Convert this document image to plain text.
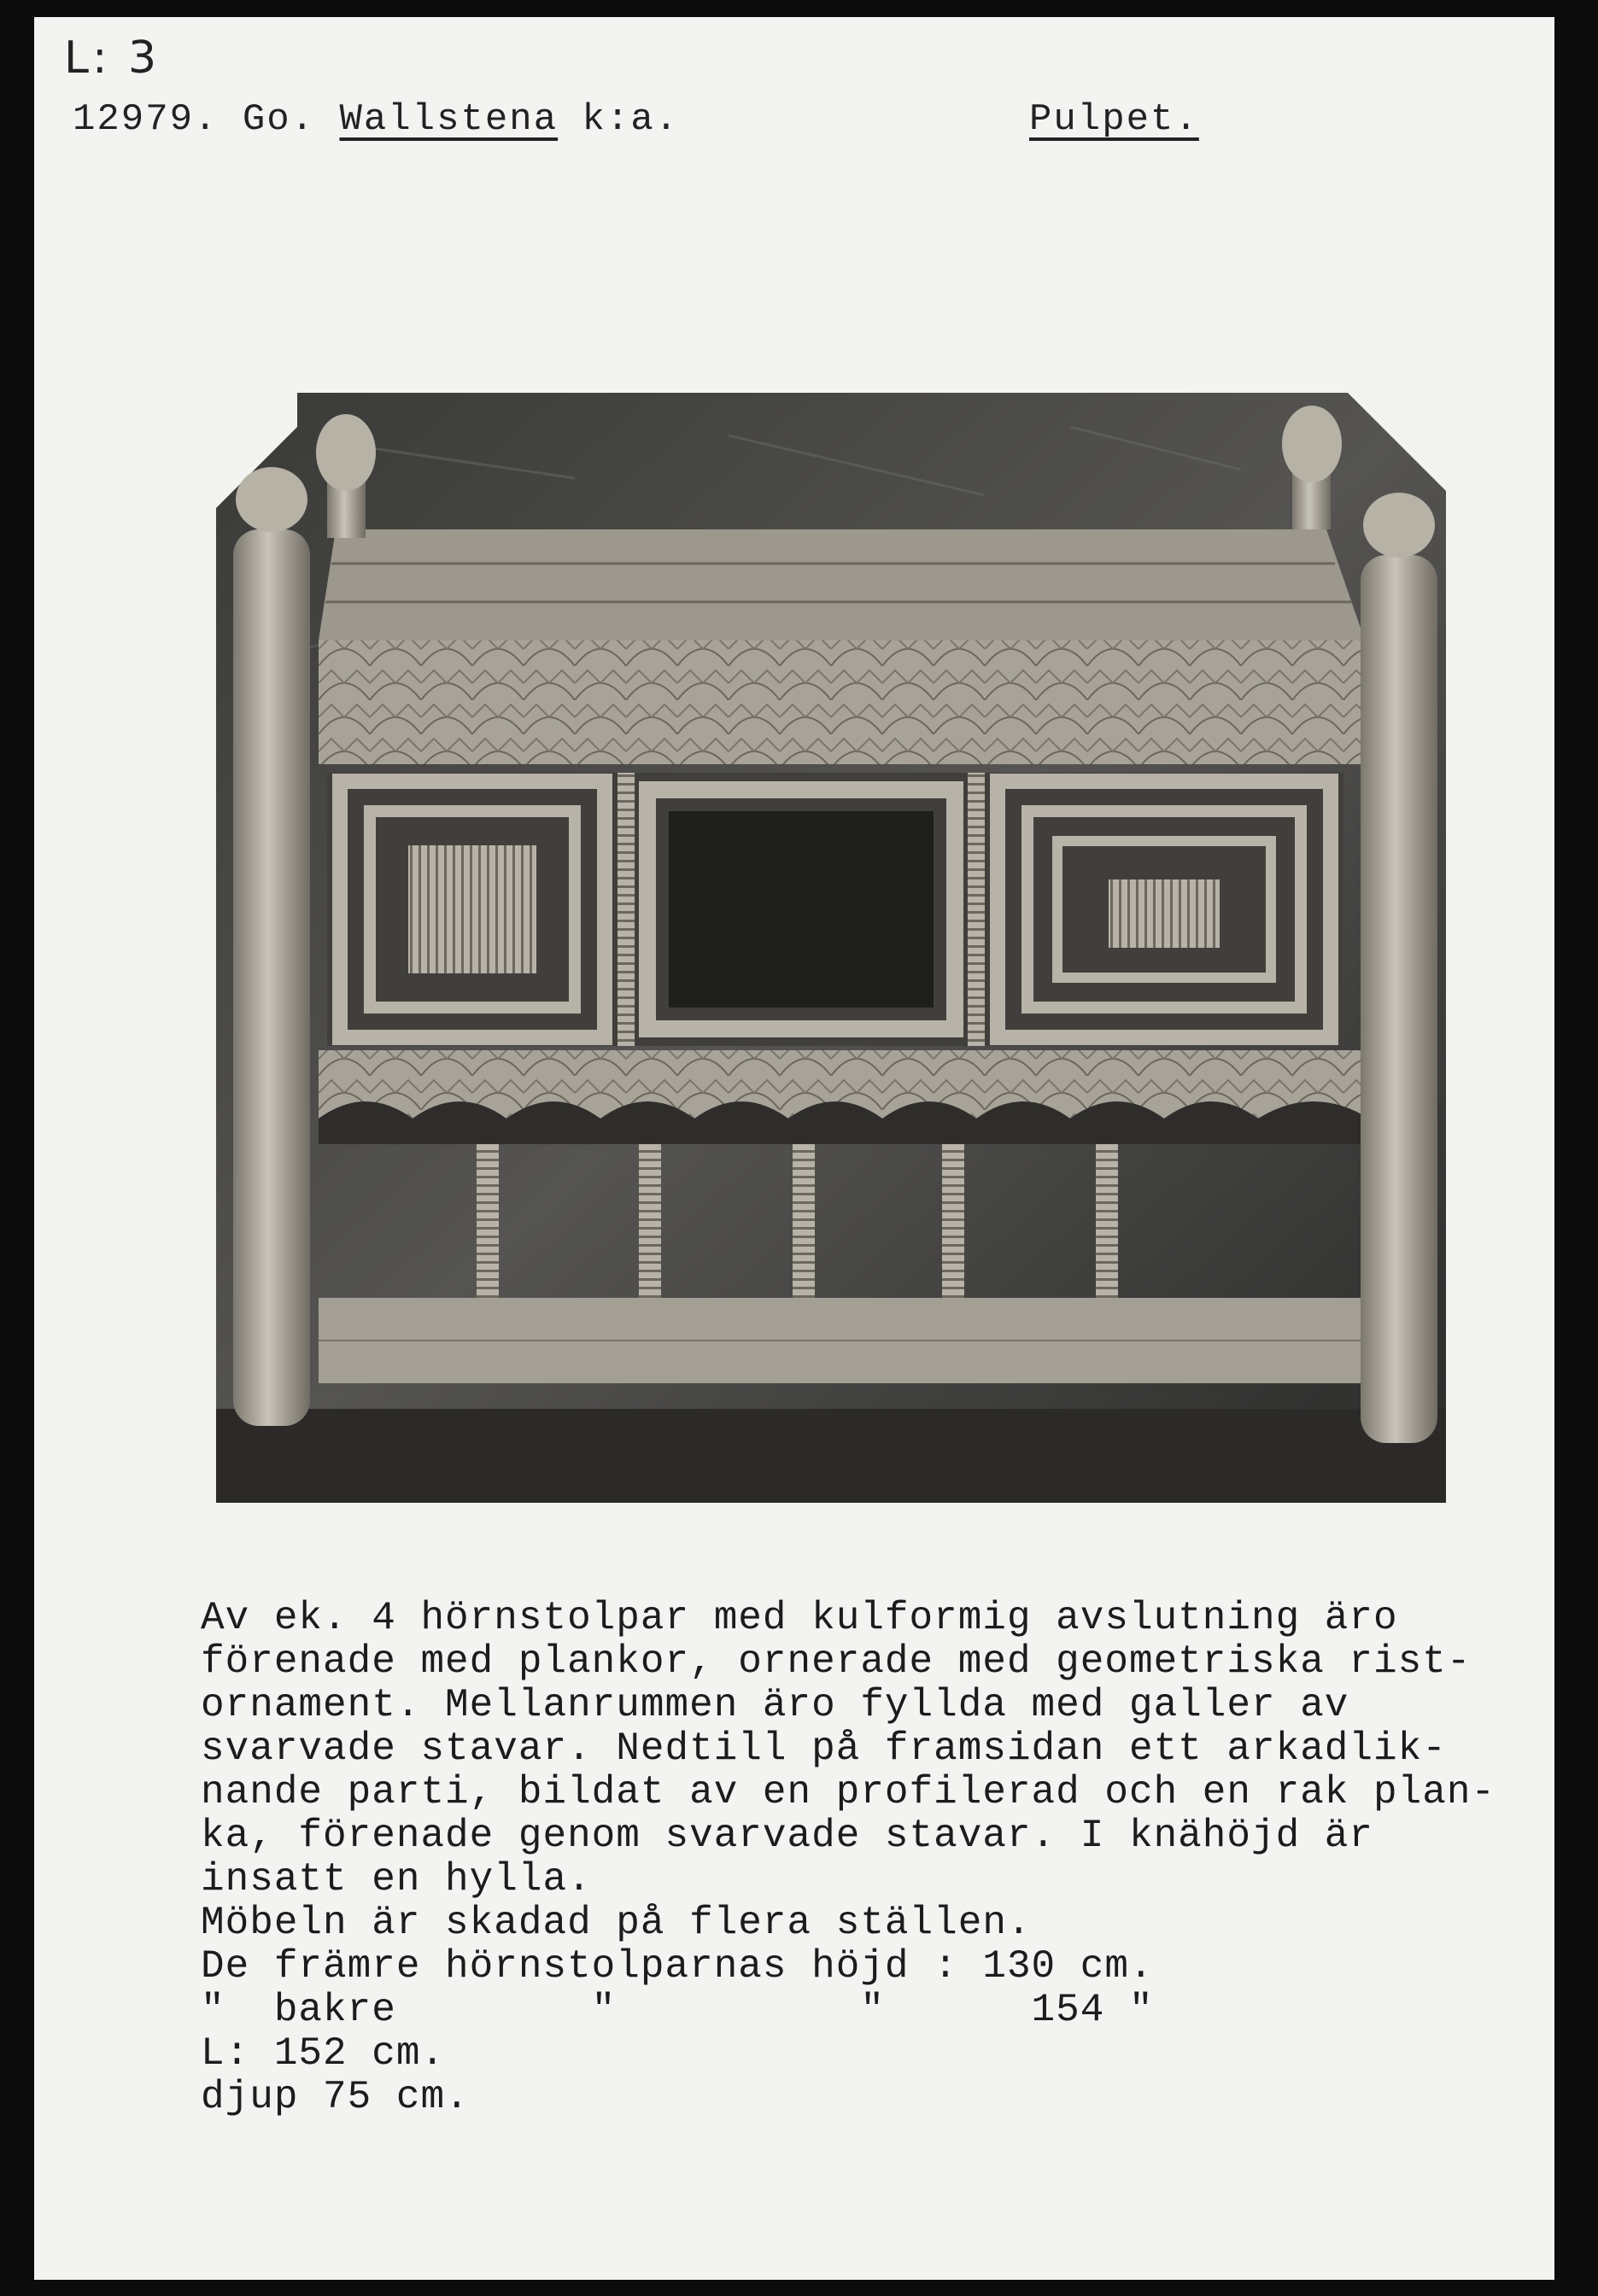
L: 3
12979. Go. Wallstena k:a.	Pulpet.
Av ek. 4 hörnstolpar med kulformig avslutning äro
förenade med plankor, ornerade med geometriska rist-
ornament. Mellanrummen äro fyllda med galler av
svarvade stavar. Nedtill på framsidan ett arkadlik-
nande parti, bildat av en profilerad och en rak plan-
ka, förenade genom svarvade stavar. I knähöjd är
insatt en hylla.
Möbeln är skadad på flera ställen.
De främre hörnstolparnas höjd : 130 cm.
"  bakre        "          "      154 "
L: 152 cm.
djup 75 cm.
